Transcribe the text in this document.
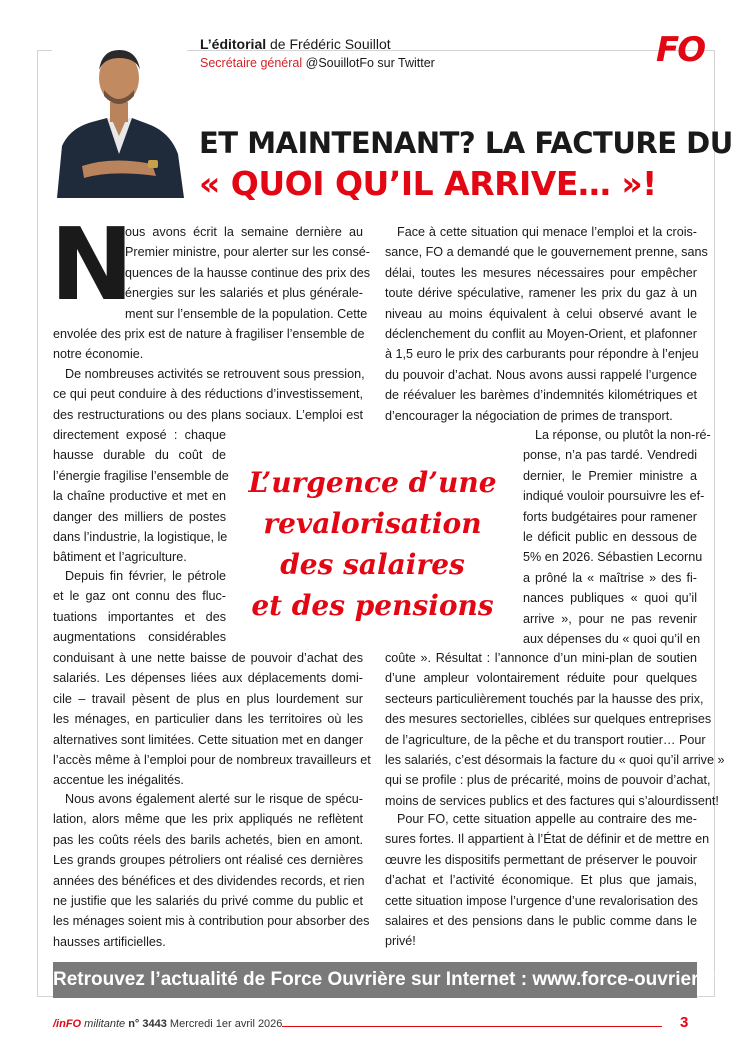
L’éditorial de Frédéric Souillot
Secrétaire général @SouillotFo sur Twitter	FO
ET MAINTENANT? LA FACTURE DU
« QUOI QU’IL ARRIVE… »!
N
ous avons écrit la semaine dernière au
Premier ministre, pour alerter sur les consé-
quences de la hausse continue des prix des
énergies sur les salariés et plus générale-
ment sur l’ensemble de la population. Cette
envolée des prix est de nature à fragiliser l’ensemble de
notre économie.
De nombreuses activités se retrouvent sous pression,
ce qui peut conduire à des réductions d’investissement,
des restructurations ou des plans sociaux. L’emploi est
directement exposé : chaque
hausse durable du coût de
l’énergie fragilise l’ensemble de
la chaîne productive et met en
danger des milliers de postes
dans l’industrie, la logistique, le
bâtiment et l’agriculture.
Depuis fin février, le pétrole
et le gaz ont connu des fluc-
tuations importantes et des
augmentations considérables
conduisant à une nette baisse de pouvoir d’achat des
salariés. Les dépenses liées aux déplacements domi-
cile – travail pèsent de plus en plus lourdement sur
les ménages, en particulier dans les territoires où les
alternatives sont limitées. Cette situation met en danger
l’accès même à l’emploi pour de nombreux travailleurs et
accentue les inégalités.
Nous avons également alerté sur le risque de spécu-
lation, alors même que les prix appliqués ne reflètent
pas les coûts réels des barils achetés, bien en amont.
Les grands groupes pétroliers ont réalisé ces dernières
années des bénéfices et des dividendes records, et rien
ne justifie que les salariés du privé comme du public et
les ménages soient mis à contribution pour absorber des
hausses artificielles.
Face à cette situation qui menace l’emploi et la crois-
sance, FO a demandé que le gouvernement prenne, sans
délai, toutes les mesures nécessaires pour empêcher
toute dérive spéculative, ramener les prix du gaz à un
niveau au moins équivalent à celui observé avant le
déclenchement du conflit au Moyen-Orient, et plafonner
à 1,5 euro le prix des carburants pour répondre à l’enjeu
du pouvoir d’achat. Nous avons aussi rappelé l’urgence
de réévaluer les barèmes d’indemnités kilométriques et
d’encourager la négociation de primes de transport.
La réponse, ou plutôt la non-ré-
ponse, n’a pas tardé. Vendredi
dernier, le Premier ministre a
indiqué vouloir poursuivre les ef-
forts budgétaires pour ramener
le déficit public en dessous de
5% en 2026. Sébastien Lecornu
a prôné la « maîtrise » des fi-
nances publiques « quoi qu’il
arrive », pour ne pas revenir
aux dépenses du « quoi qu’il en
coûte ». Résultat : l’annonce d’un mini-plan de soutien
d’une ampleur volontairement réduite pour quelques
secteurs particulièrement touchés par la hausse des prix,
des mesures sectorielles, ciblées sur quelques entreprises
de l’agriculture, de la pêche et du transport routier… Pour
les salariés, c’est désormais la facture du « quoi qu’il arrive »
qui se profile : plus de précarité, moins de pouvoir d’achat,
moins de services publics et des factures qui s’alourdissent!
Pour FO, cette situation appelle au contraire des me-
sures fortes. Il appartient à l’État de définir et de mettre en
œuvre les dispositifs permettant de préserver le pouvoir
d’achat et l’activité économique. Et plus que jamais,
cette situation impose l’urgence d’une revalorisation des
salaires et des pensions dans le public comme dans le
privé!
L’urgence d’une
revalorisation
des salaires
et des pensions
Retrouvez l’actualité de Force Ouvrière sur Internet : www.force-ouvriere.fr
/inFO militante n° 3443 Mercredi 1er avril 2026	3
